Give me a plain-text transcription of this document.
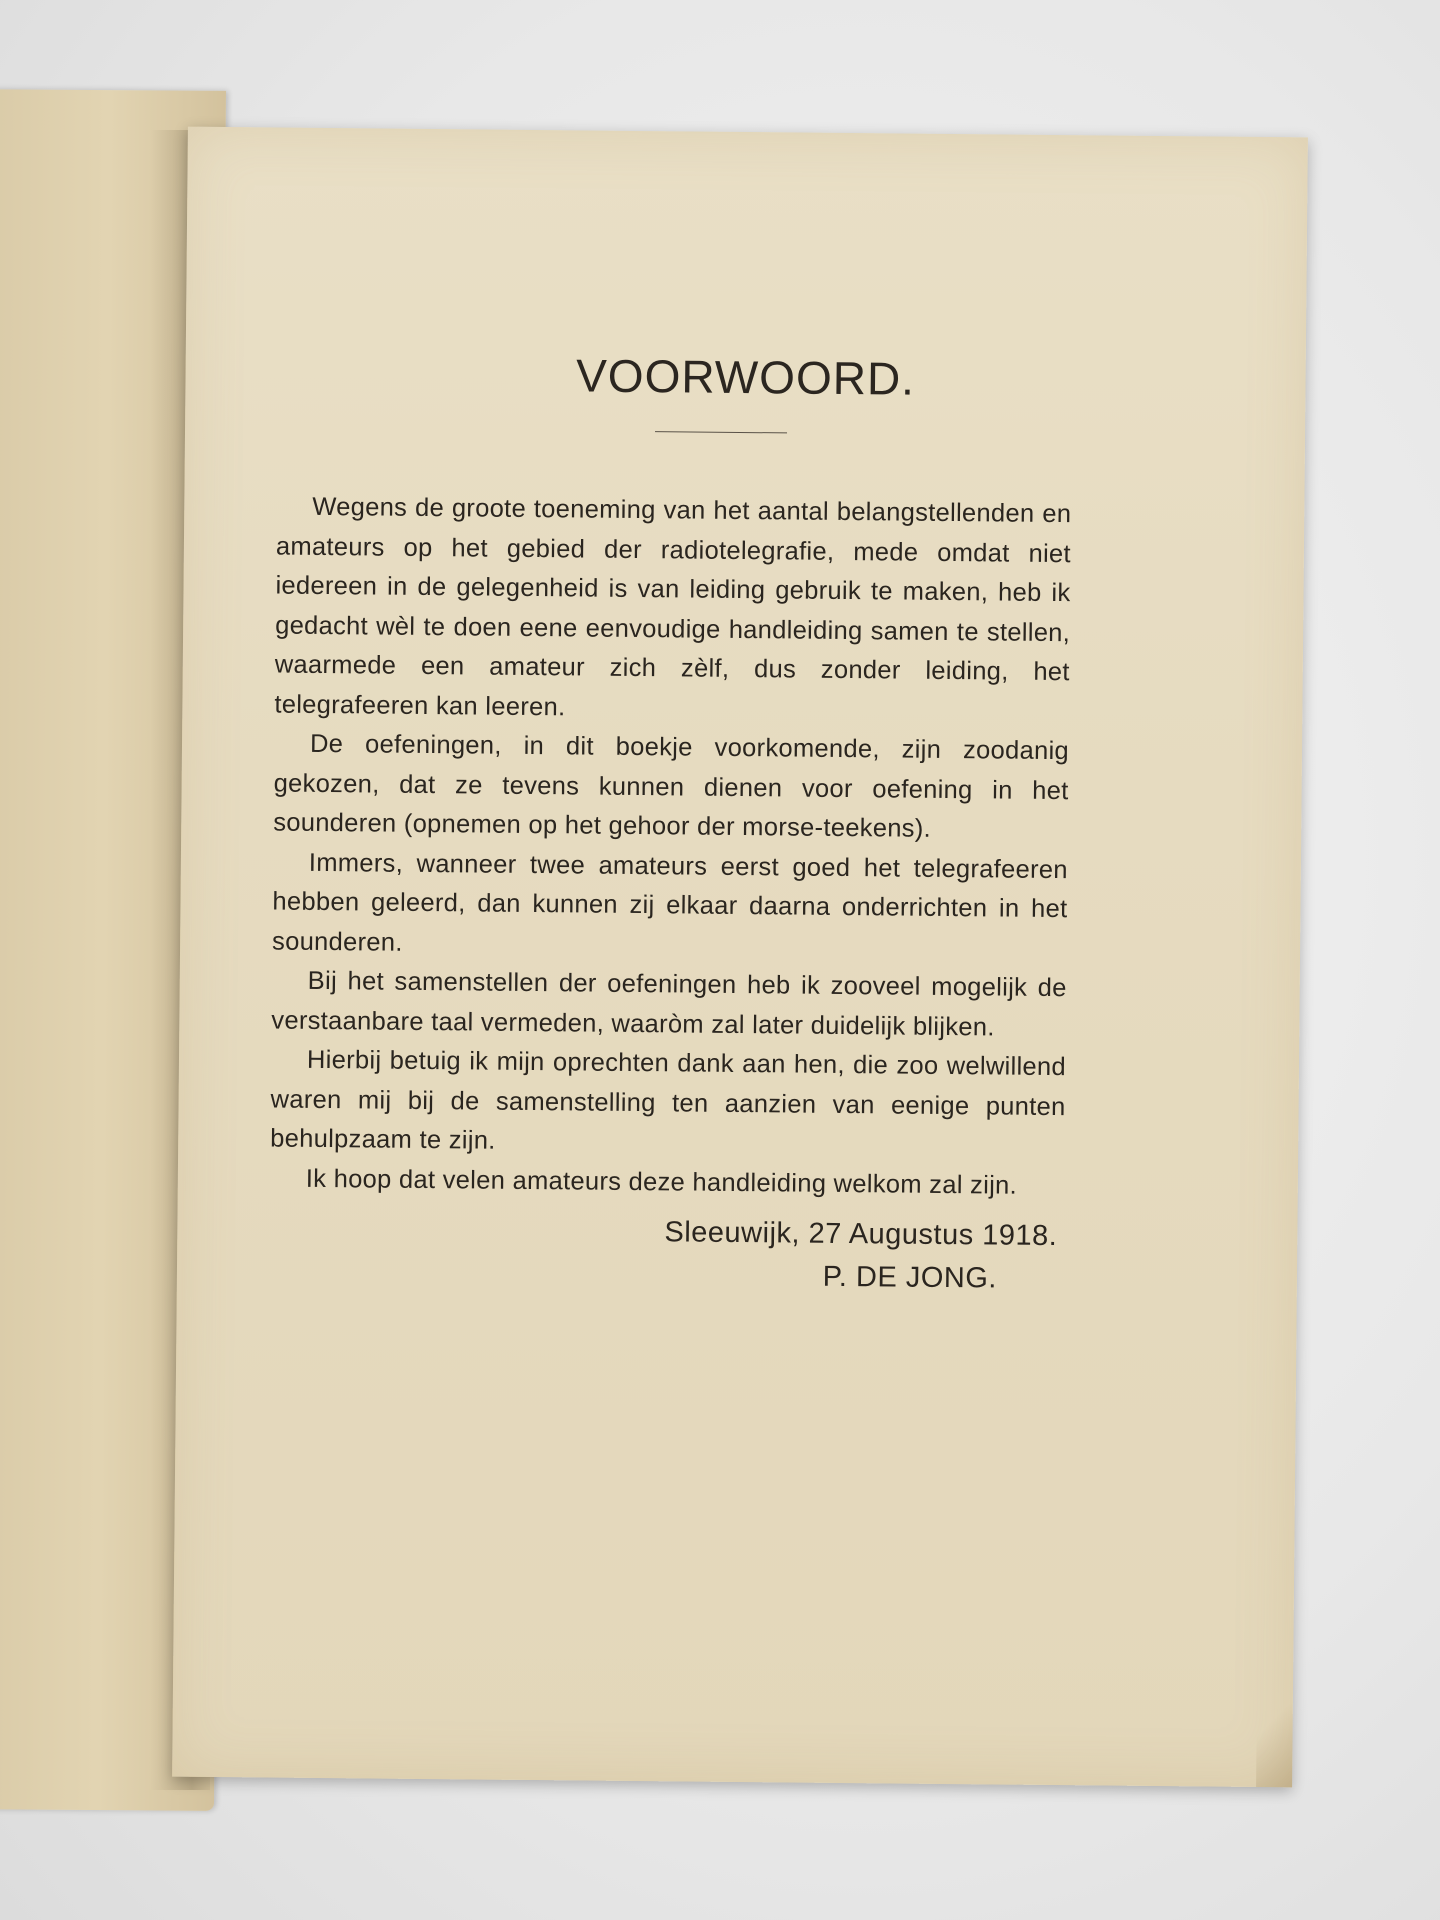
VOORWOORD.

Wegens de groote toeneming van het aantal belangstellenden en amateurs op het gebied der radiotelegrafie, mede omdat niet iedereen in de gelegenheid is van leiding gebruik te maken, heb ik gedacht wèl te doen eene eenvoudige handleiding samen te stellen, waarmede een amateur zich zèlf, dus zonder leiding, het telegrafeeren kan leeren.

De oefeningen, in dit boekje voorkomende, zijn zoodanig gekozen, dat ze tevens kunnen dienen voor oefening in het sounderen (opnemen op het gehoor der morse-teekens).

Immers, wanneer twee amateurs eerst goed het telegrafeeren hebben geleerd, dan kunnen zij elkaar daarna onderrichten in het sounderen.

Bij het samenstellen der oefeningen heb ik zooveel mogelijk de verstaanbare taal vermeden, waaròm zal later duidelijk blijken.

Hierbij betuig ik mijn oprechten dank aan hen, die zoo welwillend waren mij bij de samenstelling ten aanzien van eenige punten behulpzaam te zijn.

Ik hoop dat velen amateurs deze handleiding welkom zal zijn.

Sleeuwijk, 27 Augustus 1918.
P. DE JONG.
